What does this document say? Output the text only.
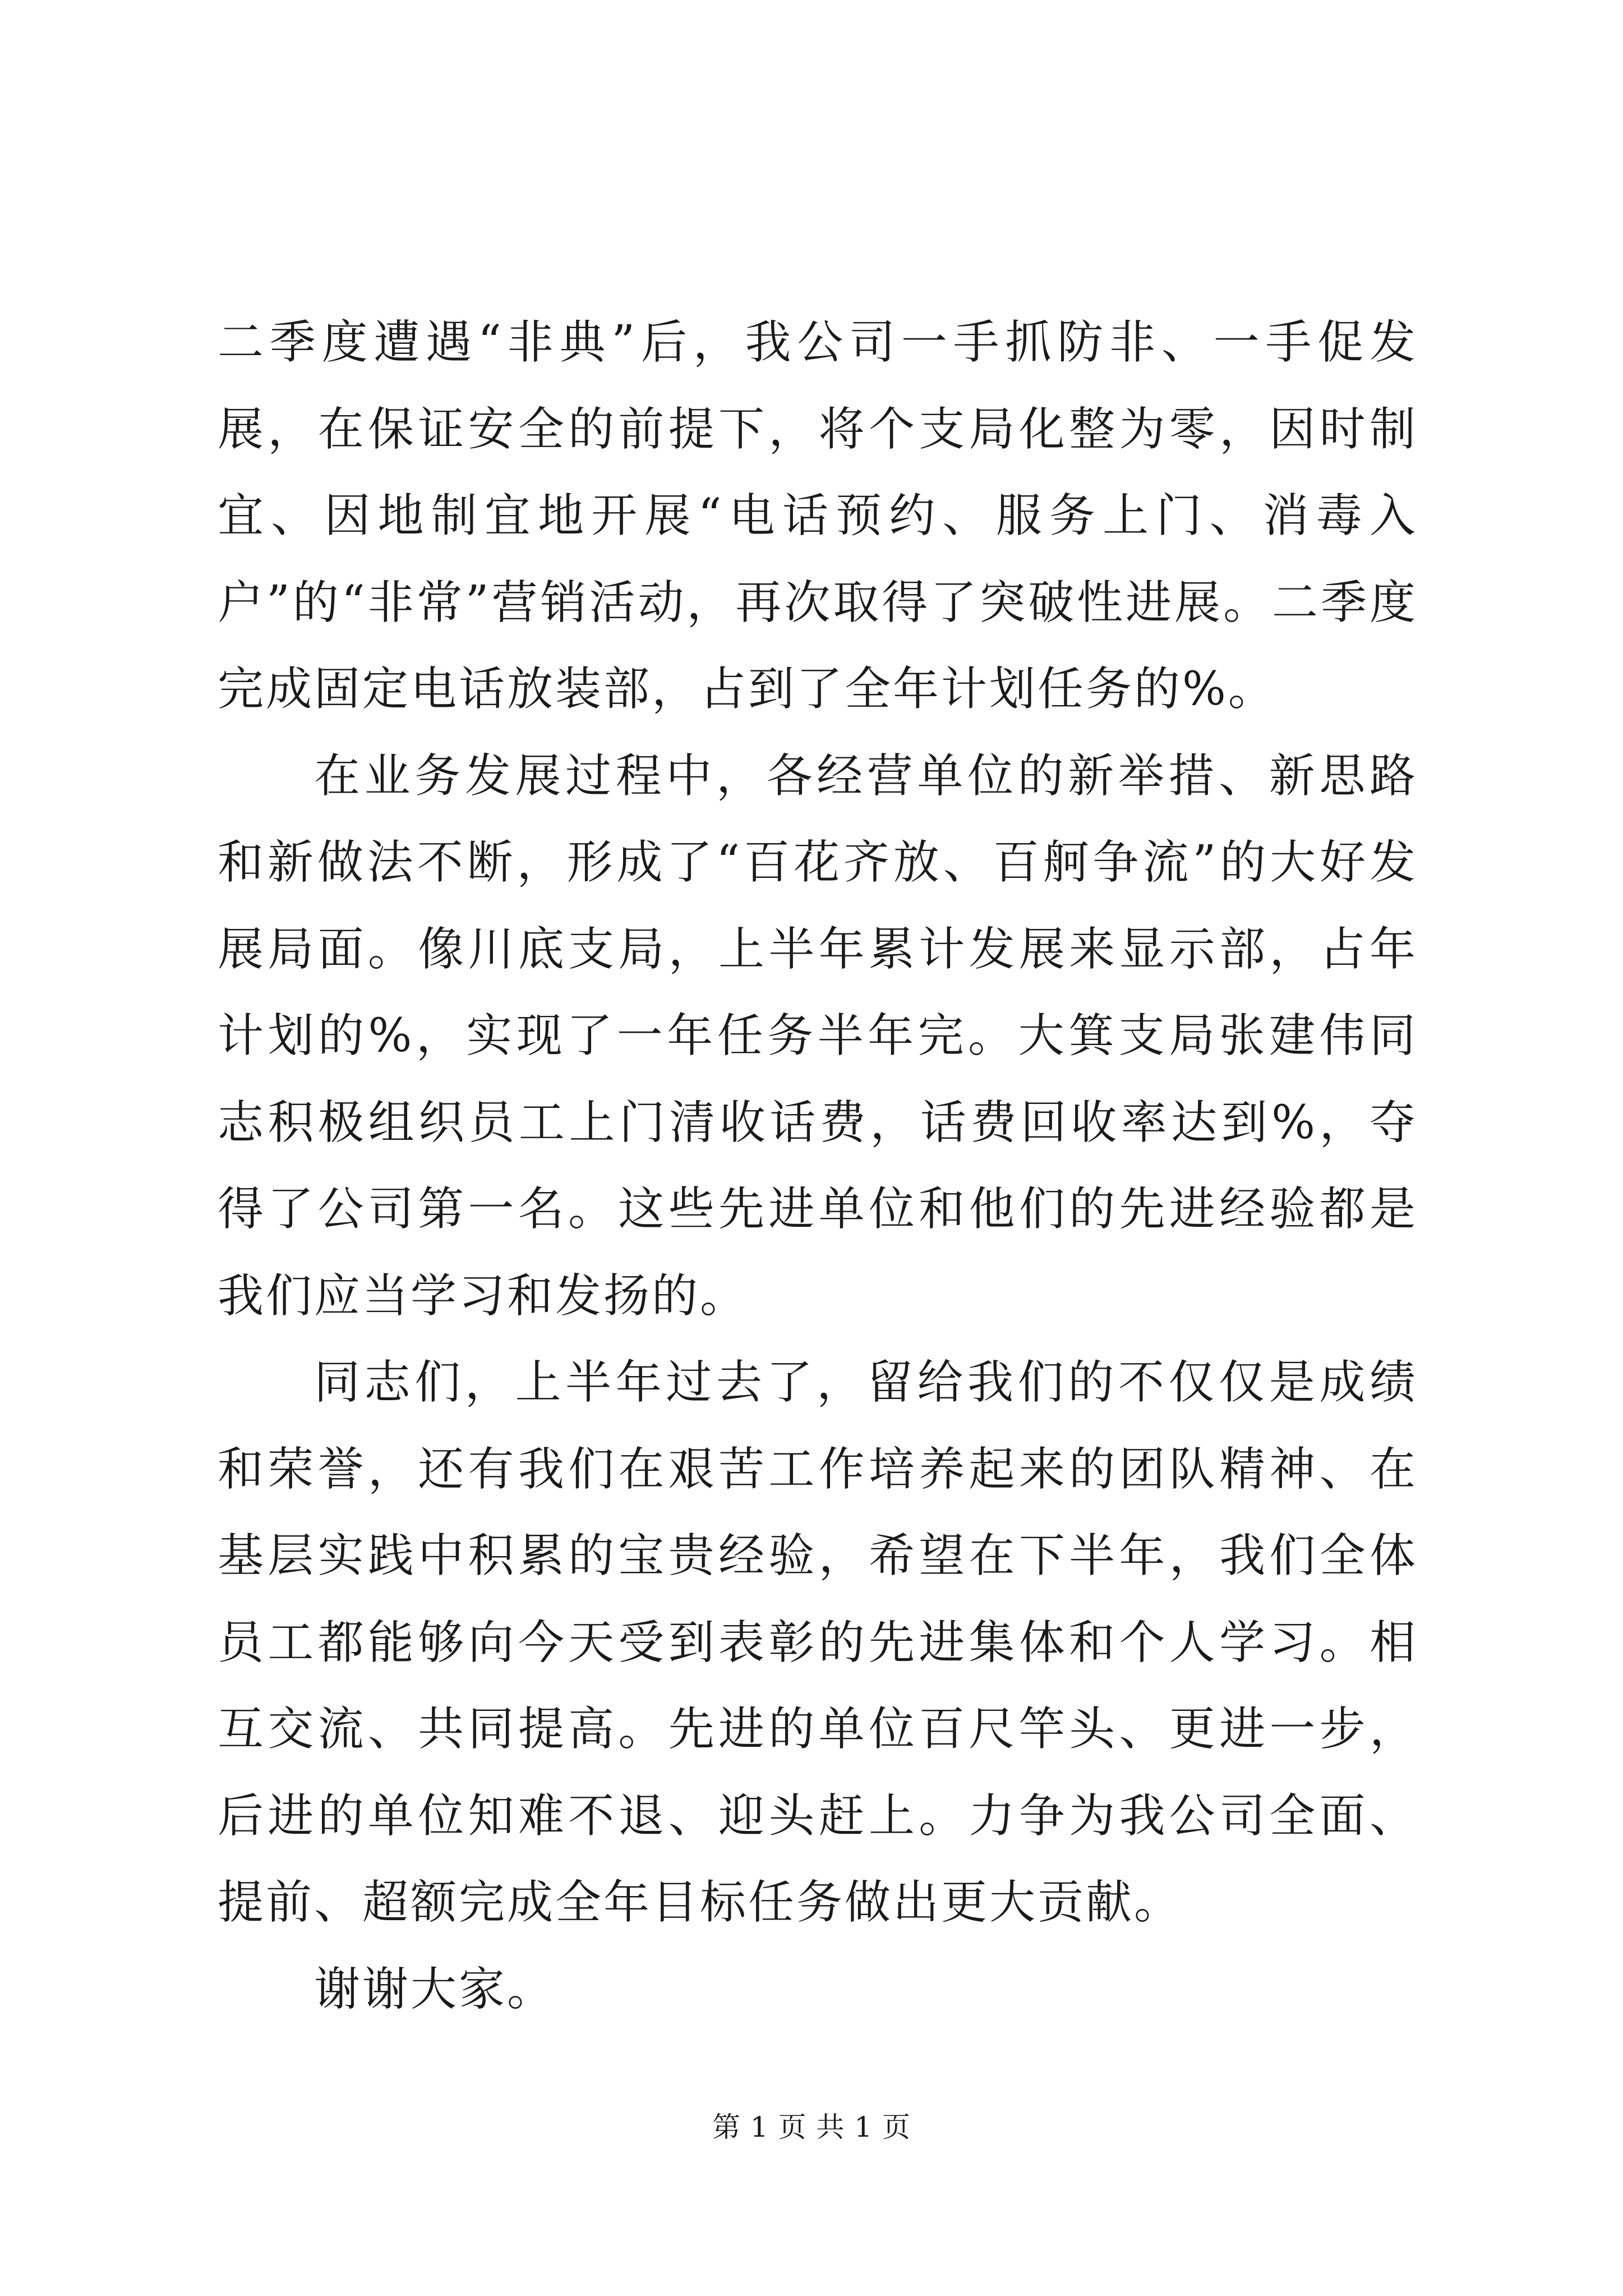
二季度遭遇“非典”后，我公司一手抓防非、一手促发展，在保证安全的前提下，将个支局化整为零，因时制宜、因地制宜地开展“电话预约、服务上门、消毒入户”的“非常”营销活动，再次取得了突破性进展。二季度完成固定电话放装部，占到了全年计划任务的%。

在业务发展过程中，各经营单位的新举措、新思路和新做法不断，形成了“百花齐放、百舸争流”的大好发展局面。像川底支局，上半年累计发展来显示部，占年计划的%，实现了一年任务半年完。大箕支局张建伟同志积极组织员工上门清收话费，话费回收率达到%，夺得了公司第一名。这些先进单位和他们的先进经验都是我们应当学习和发扬的。

同志们，上半年过去了，留给我们的不仅仅是成绩和荣誉，还有我们在艰苦工作培养起来的团队精神、在基层实践中积累的宝贵经验，希望在下半年，我们全体员工都能够向今天受到表彰的先进集体和个人学习。相互交流、共同提高。先进的单位百尺竿头、更进一步，后进的单位知难不退、迎头赶上。力争为我公司全面、提前、超额完成全年目标任务做出更大贡献。

谢谢大家。

第 1 页 共 1 页
